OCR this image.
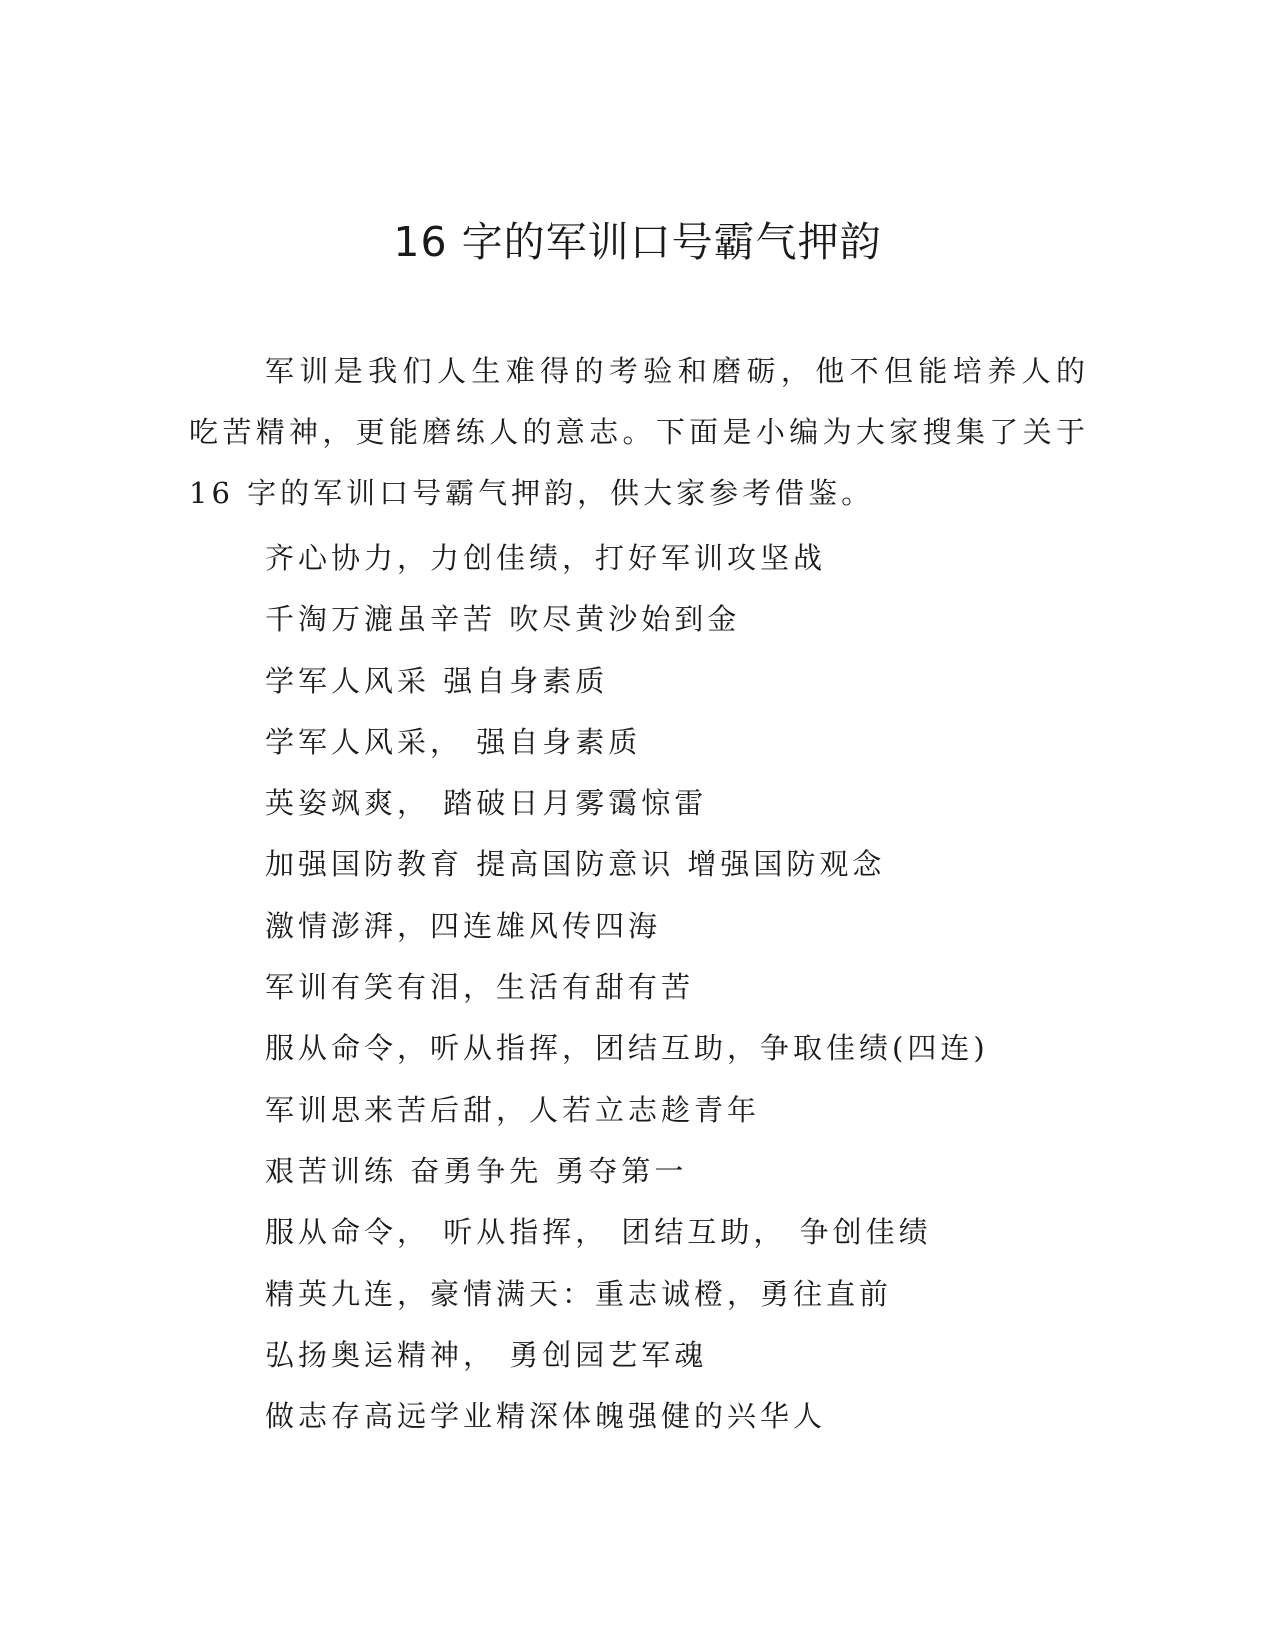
16 字的军训口号霸气押韵

军训是我们人生难得的考验和磨砺，他不但能培养人的吃苦精神，更能磨练人的意志。下面是小编为大家搜集了关于 16 字的军训口号霸气押韵，供大家参考借鉴。

齐心协力，力创佳绩，打好军训攻坚战
千淘万漉虽辛苦 吹尽黄沙始到金
学军人风采 强自身素质
学军人风采， 强自身素质
英姿飒爽， 踏破日月雾霭惊雷
加强国防教育 提高国防意识 增强国防观念
激情澎湃，四连雄风传四海
军训有笑有泪，生活有甜有苦
服从命令，听从指挥，团结互助，争取佳绩(四连)
军训思来苦后甜，人若立志趁青年
艰苦训练 奋勇争先 勇夺第一
服从命令， 听从指挥， 团结互助， 争创佳绩
精英九连，豪情满天：重志诚橙，勇往直前
弘扬奥运精神， 勇创园艺军魂
做志存高远学业精深体魄强健的兴华人
